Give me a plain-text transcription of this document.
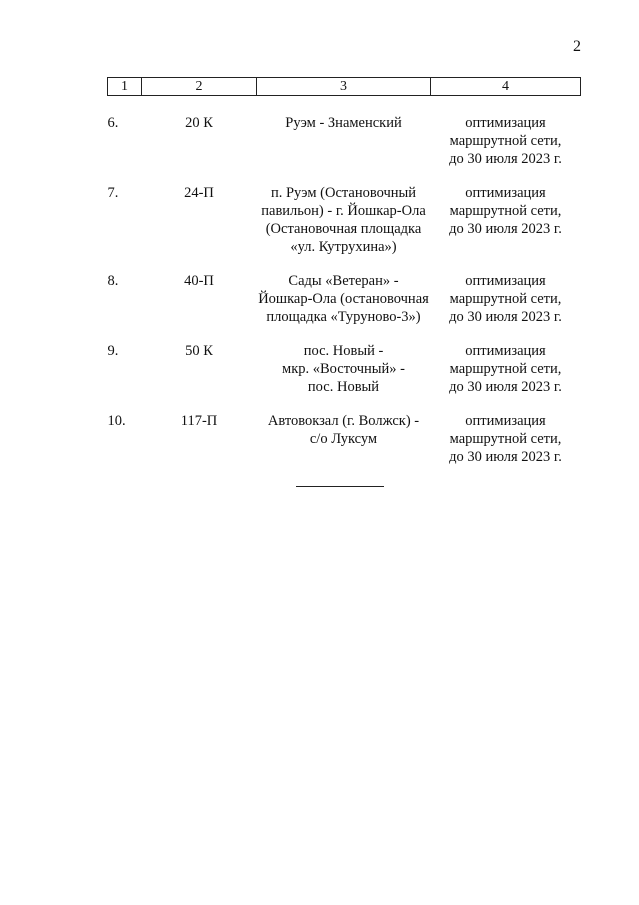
2
1	2	3	4
6.	20 К	Руэм - Знаменский	оптимизация
маршрутной сети,
до 30 июля 2023 г.

7.	24-П	п. Руэм (Остановочный
павильон) - г. Йошкар-Ола
(Остановочная площадка
«ул. Кутрухина»)	оптимизация
маршрутной сети,
до 30 июля 2023 г.

8.	40-П	Сады «Ветеран» -
Йошкар-Ола (остановочная
площадка «Туруново-3»)	оптимизация
маршрутной сети,
до 30 июля 2023 г.

9.	50 К	пос. Новый -
мкр. «Восточный» -
пос. Новый	оптимизация
маршрутной сети,
до 30 июля 2023 г.

10.	117-П	Автовокзал (г. Волжск) -
с/о Луксум	оптимизация
маршрутной сети,
до 30 июля 2023 г.
